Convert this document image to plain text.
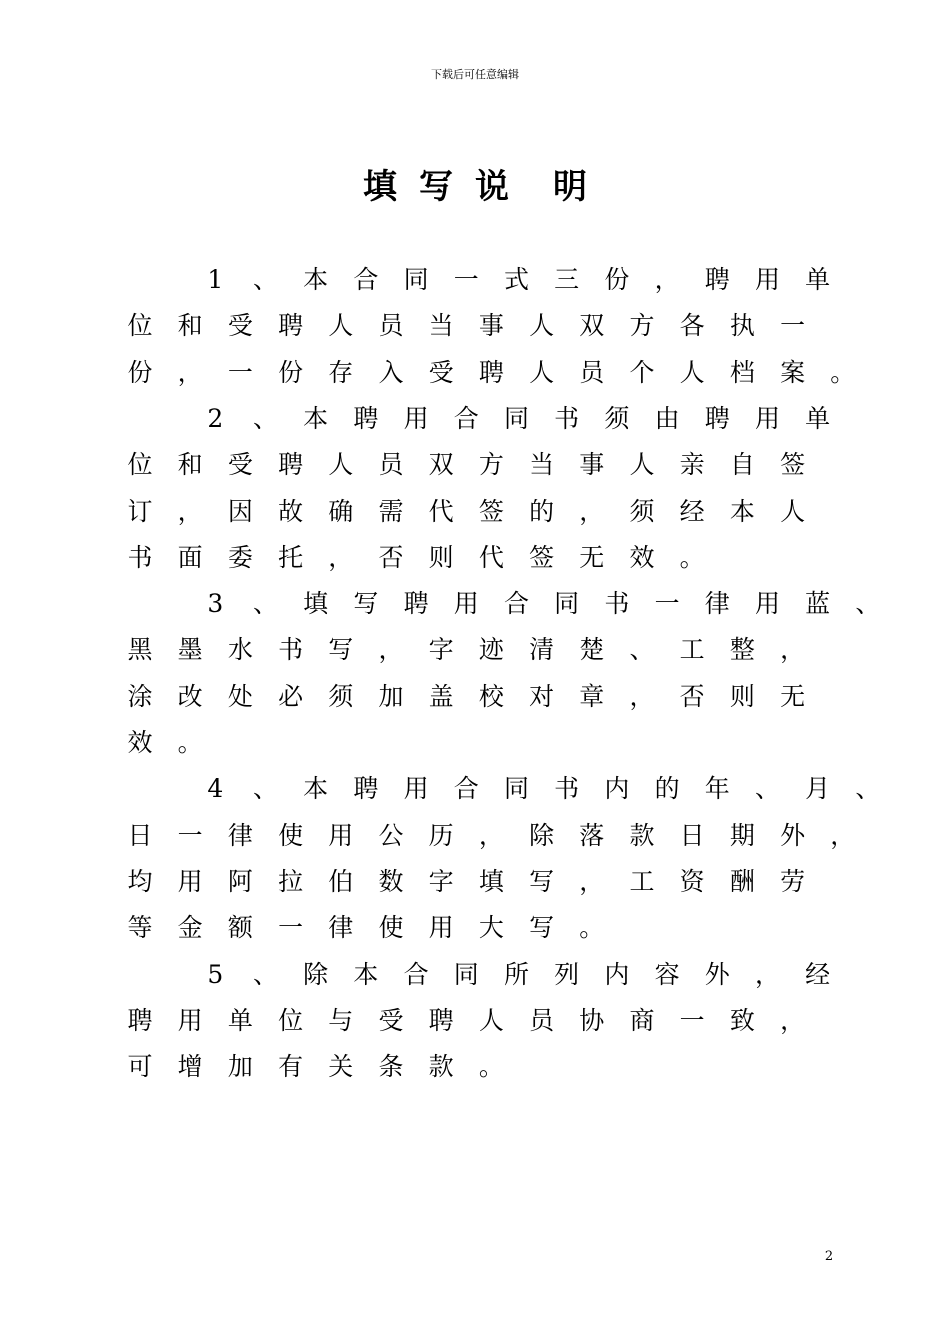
下载后可任意编辑
填 写 说 明
1 、 本 合 同 一 式 三 份 ， 聘 用 单
位 和 受 聘 人 员 当 事 人 双 方 各 执 一
份 ， 一 份 存 入 受 聘 人 员 个 人 档 案 。
2 、 本 聘 用 合 同 书 须 由 聘 用 单
位 和 受 聘 人 员 双 方 当 事 人 亲 自 签
订 ， 因 故 确 需 代 签 的 ， 须 经 本 人
书 面 委 托 ， 否 则 代 签 无 效 。
3 、 填 写 聘 用 合 同 书 一 律 用 蓝 、
黑 墨 水 书 写 ， 字 迹 清 楚 、 工 整 ，
涂 改 处 必 须 加 盖 校 对 章 ， 否 则 无
效 。
4 、 本 聘 用 合 同 书 内 的 年 、 月 、
日 一 律 使 用 公 历 ， 除 落 款 日 期 外 ，
均 用 阿 拉 伯 数 字 填 写 ， 工 资 酬 劳
等 金 额 一 律 使 用 大 写 。
5 、 除 本 合 同 所 列 内 容 外 ， 经
聘 用 单 位 与 受 聘 人 员 协 商 一 致 ，
可 增 加 有 关 条 款 。
2
